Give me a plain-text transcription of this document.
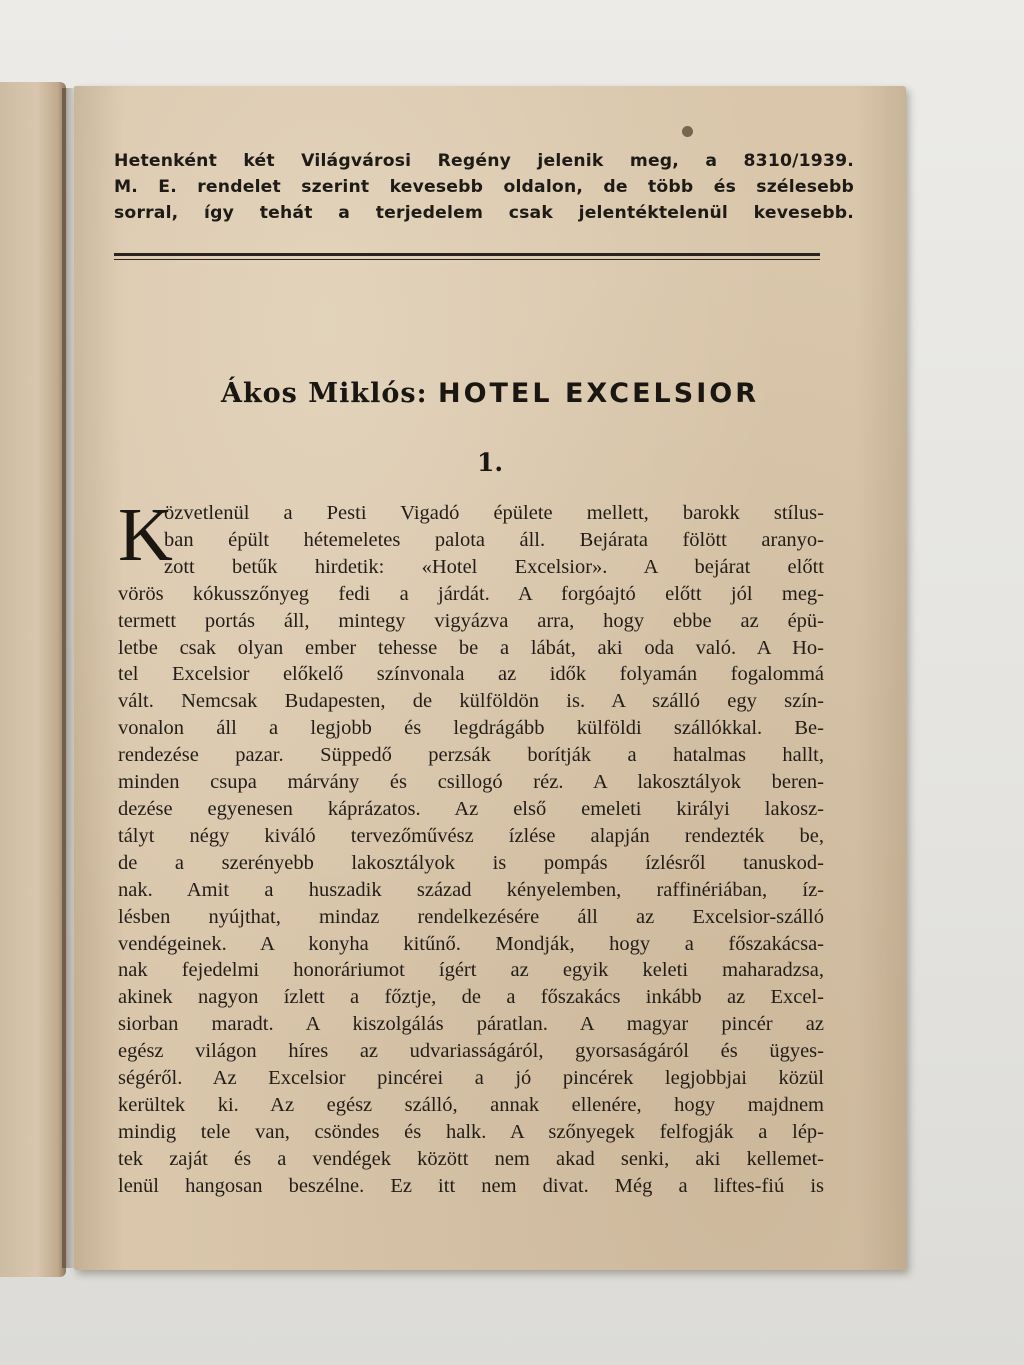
Hetenként két Világvárosi Regény jelenik meg, a 8310/1939.
M. E. rendelet szerint kevesebb oldalon, de több és szélesebb
sorral, így tehát a terjedelem csak jelentéktelenül kevesebb.
Ákos Miklós: HOTEL EXCELSIOR
1.
K
özvetlenül a Pesti Vigadó épülete mellett, barokk stílus-
ban épült hétemeletes palota áll. Bejárata fölött aranyo-
zott betűk hirdetik: «Hotel Excelsior». A bejárat előtt
vörös kókusszőnyeg fedi a járdát. A forgóajtó előtt jól meg-
termett portás áll, mintegy vigyázva arra, hogy ebbe az épü-
letbe csak olyan ember tehesse be a lábát, aki oda való. A Ho-
tel Excelsior előkelő színvonala az idők folyamán fogalommá
vált. Nemcsak Budapesten, de külföldön is. A szálló egy szín-
vonalon áll a legjobb és legdrágább külföldi szállókkal. Be-
rendezése pazar. Süppedő perzsák borítják a hatalmas hallt,
minden csupa márvány és csillogó réz. A lakosztályok beren-
dezése egyenesen káprázatos. Az első emeleti királyi lakosz-
tályt négy kiváló tervezőművész ízlése alapján rendezték be,
de a szerényebb lakosztályok is pompás ízlésről tanuskod-
nak. Amit a huszadik század kényelemben, raffinériában, íz-
lésben nyújthat, mindaz rendelkezésére áll az Excelsior-szálló
vendégeinek. A konyha kitűnő. Mondják, hogy a főszakácsa-
nak fejedelmi honoráriumot ígért az egyik keleti maharadzsa,
akinek nagyon ízlett a főztje, de a főszakács inkább az Excel-
siorban maradt. A kiszolgálás páratlan. A magyar pincér az
egész világon híres az udvariasságáról, gyorsaságáról és ügyes-
ségéről. Az Excelsior pincérei a jó pincérek legjobbjai közül
kerültek ki. Az egész szálló, annak ellenére, hogy majdnem
mindig tele van, csöndes és halk. A szőnyegek felfogják a lép-
tek zaját és a vendégek között nem akad senki, aki kellemet-
lenül hangosan beszélne. Ez itt nem divat. Még a liftes-fiú is
